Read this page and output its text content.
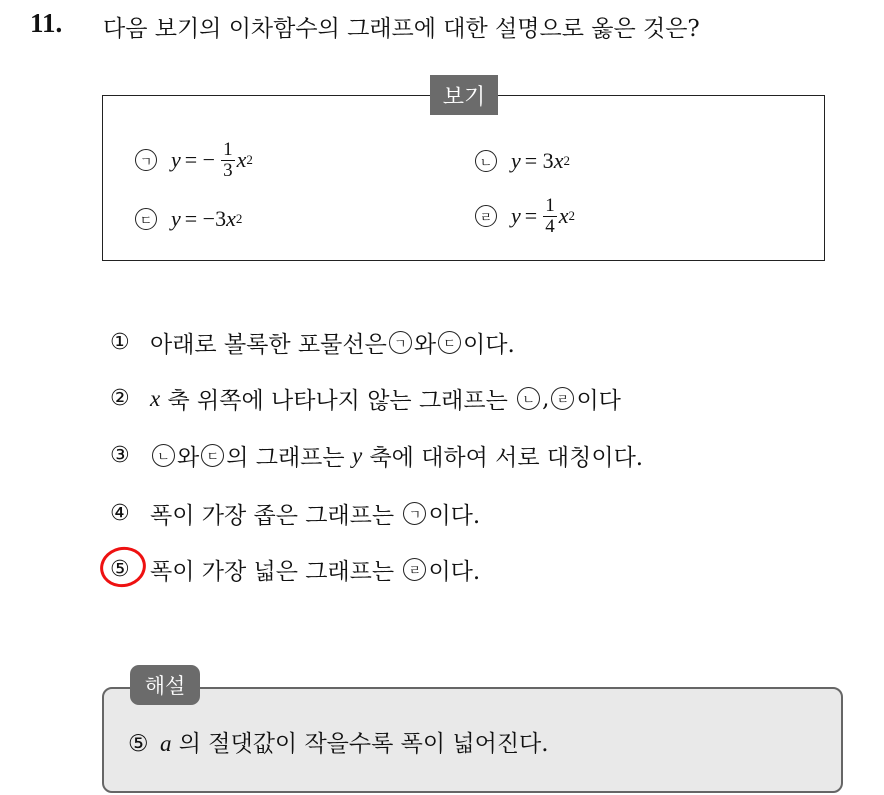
11. 다음 보기의 이차함수의 그래프에 대한 설명으로 옳은 것은?
보기
ㄱ y = − $\frac{1}{3}$ x 2	ㄴ y = 3 x 2
ㄷ y = −3 x 2	ㄹ $y = \frac{1}{4}$ x 2
① 아래로 볼록한 포물선은 ㄱ 와 ㄷ 이다.
② x 축 위쪽에 나타나지 않는 그래프는 ㄴ , ㄹ 이다
③	ㄴ 와 ㄷ 의 그래프는 y 축에 대하여 서로 대칭이다.
④ 폭이 가장 좁은 그래프는 ㄱ 이다.
⑤ 폭이 가장 넓은 그래프는 ㄹ 이다.
해설
⑤ a 의 절댓값이 작을수록 폭이 넓어진다.
